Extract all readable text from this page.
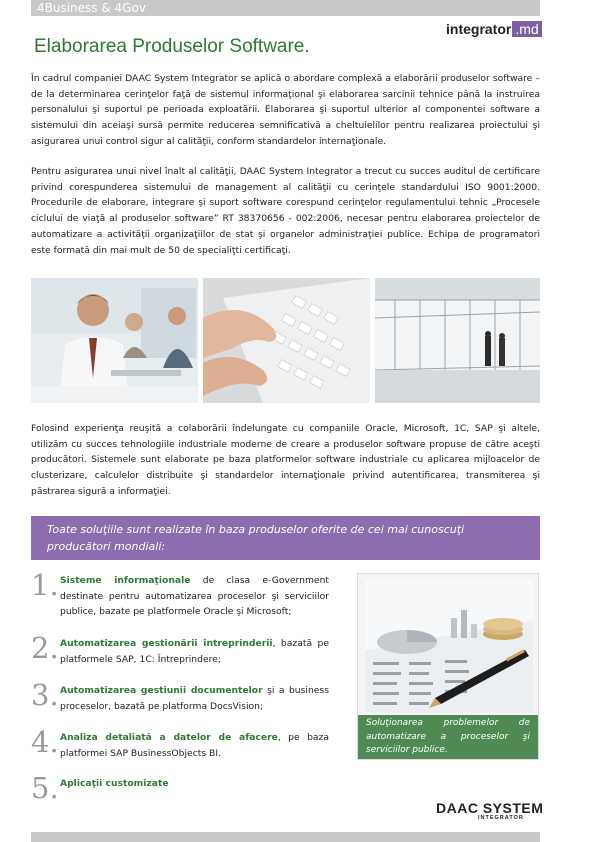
4Business & 4Gov
integrator .md
Elaborarea Produselor Software.

În cadrul companiei DAAC System Integrator se aplică o abordare complexă a elaborării produselor software – de la determinarea cerinţelor faţă de sistemul informaţional şi elaborarea sarcinii tehnice până la instruirea personalului şi suportul pe perioada exploatării. Elaborarea şi suportul ulterior al componentei software a sistemului din aceiaşi sursă permite reducerea semnificativă a cheltuielilor pentru realizarea proiectului şi asigurarea unui control sigur al calităţii, conform standardelor internaţionale.

Pentru asigurarea unui nivel înalt al calităţii, DAAC System Integrator a trecut cu succes auditul de certificare privind corespunderea sistemului de management al calităţii cu cerinţele standardului ISO 9001:2000. Procedurile de elaborare, integrare şi suport software corespund cerinţelor regulamentului tehnic „Procesele ciclului de viaţă al produselor software” RT 38370656 - 002:2006, necesar pentru elaborarea proiectelor de automatizare a activităţii organizaţiilor de stat şi organelor administraţiei publice. Echipa de programatori este formată din mai mult de 50 de specialiţti certificaţi.

Folosind experienţa reuşită a colaborării îndelungate cu companiile Oracle, Microsoft, 1C, SAP şi altele, utilizăm cu succes tehnologiile industriale moderne de creare a produselor software propuse de către aceşti producători. Sistemele sunt elaborate pe baza platformelor software industriale cu aplicarea mijloacelor de clusterizare, calculelor distribuite şi standardelor internaţionale privind autentificarea, transmiterea şi păstrarea sigură a informaţiei.

Toate soluţiile sunt realizate în baza produselor oferite de cei mai cunoscuţi producători mondiali:
1. Sisteme informaţionale de clasa e-Government destinate pentru automatizarea proceselor şi serviciilor publice, bazate pe platformele Oracle şi Microsoft;
2. Automatizarea gestionării întreprinderii, bazată pe platformele SAP, 1C: Întreprindere;
3. Automatizarea gestiunii documentelor şi a business proceselor, bazată pe platforma DocsVision;
4. Analiza detaliată a datelor de afacere, pe baza platformei SAP BusinessObjects BI.
5. Aplicaţii customizate
Soluţionarea problemelor de automatizare a proceselor şi serviciilor publice.
DAAC SYSTEM
INTEGRATOR
